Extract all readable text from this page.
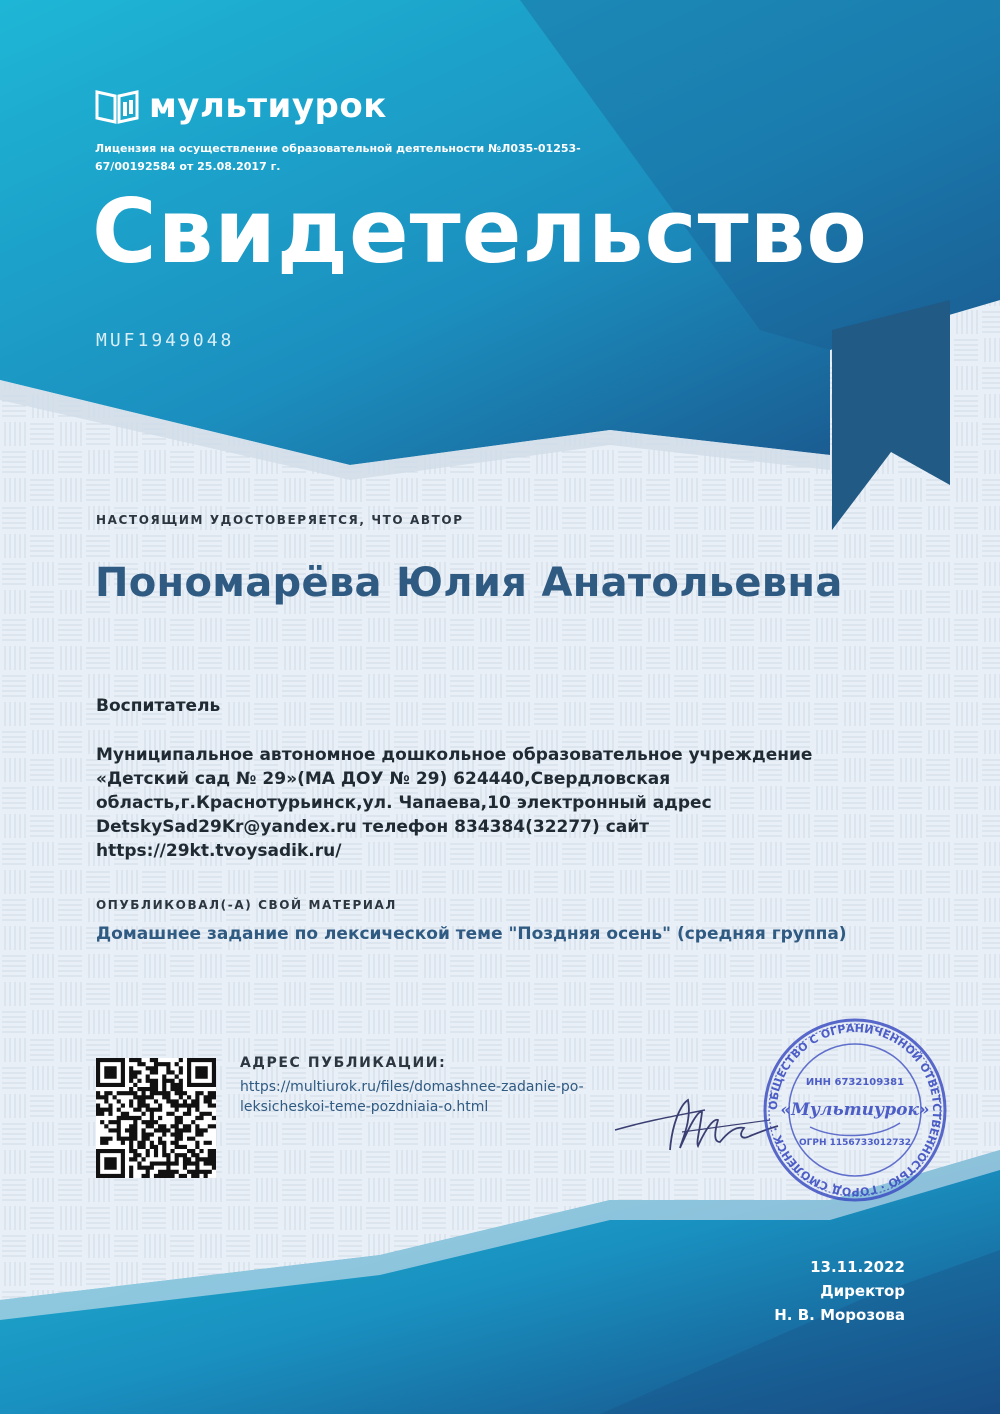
мультиурок
Лицензия на осуществление образовательной деятельности №Л035-01253-67/00192584 от 25.08.2017 г.
Свидетельство
MUF1949048
НАСТОЯЩИМ УДОСТОВЕРЯЕТСЯ, ЧТО АВТОР
Пономарёва Юлия Анатольевна
Воспитатель
Муниципальное автономное дошкольное образовательное учреждение «Детский сад № 29»(МА ДОУ № 29) 624440,Свердловская область,г.Краснотурьинск,ул. Чапаева,10 электронный адрес DetskySad29Kr@yandex.ru телефон 834384(32277) сайт https://29kt.tvoysadik.ru/
ОПУБЛИКОВАЛ(-А) СВОЙ МАТЕРИАЛ
Домашнее задание по лексической теме "Поздняя осень" (средняя группа)
АДРЕС ПУБЛИКАЦИИ:
https://multiurok.ru/files/domashnee-zadanie-po-leksicheskoi-teme-pozdniaia-o.html	ОБЩЕСТВО С ОГРАНИЧЕННОЙ ОТВЕТСТВЕННОСТЬЮ · ГОРОД СМОЛЕНСК ·
ИНН 6732109381
«Мультиурок»
ОГРН 1156733012732
13.11.2022
Директор
Н. В. Морозова
